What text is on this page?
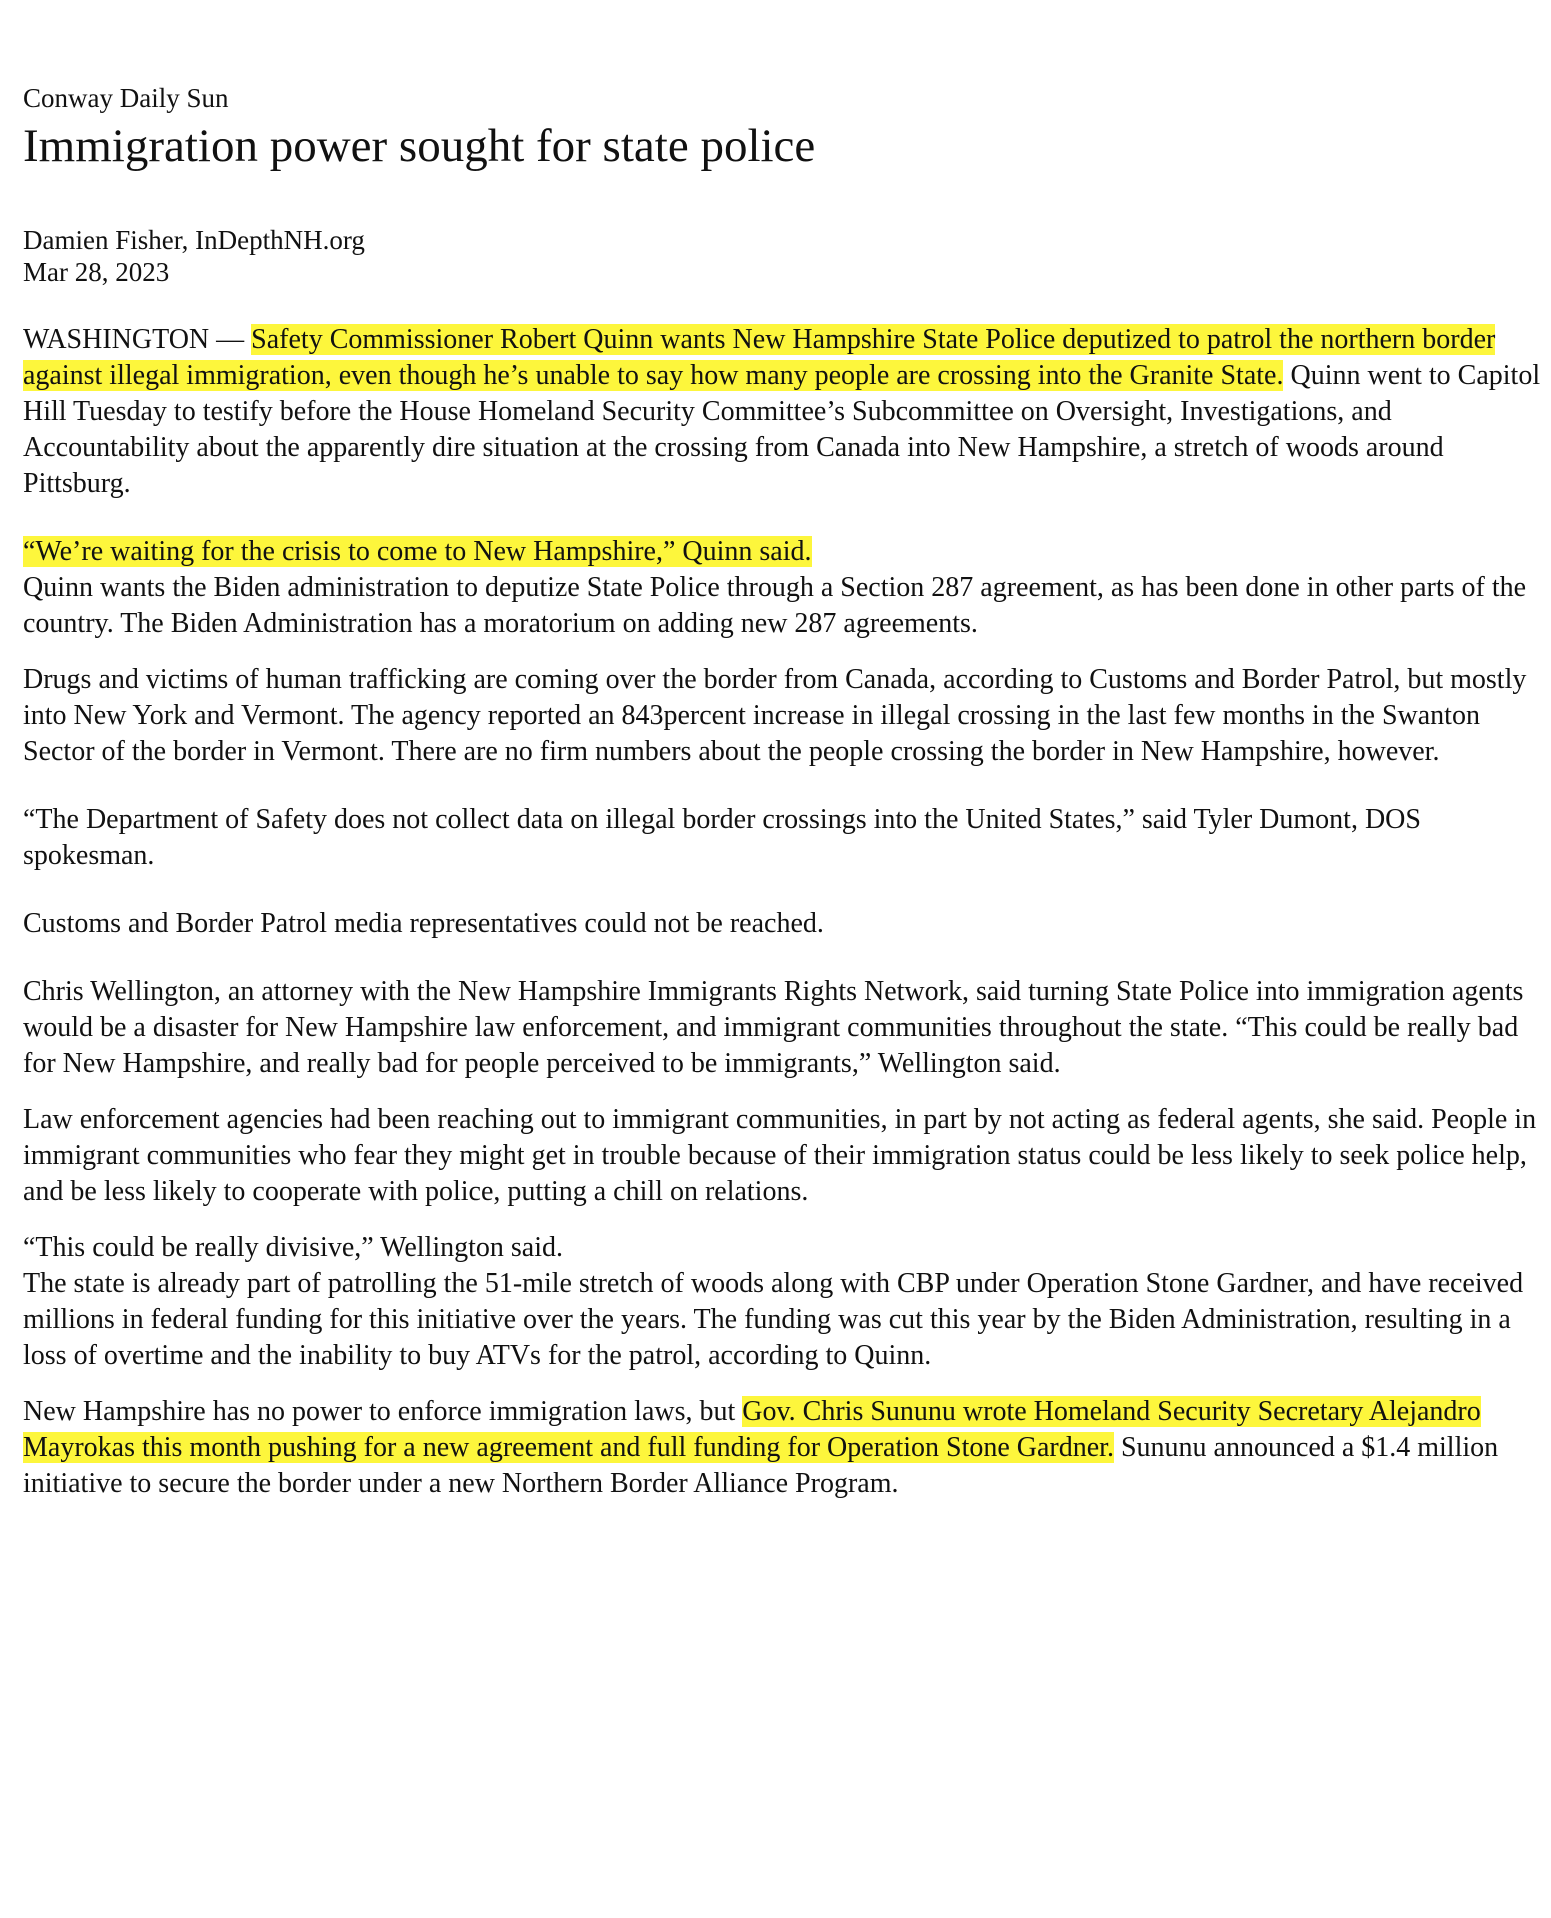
Conway Daily Sun
Immigration power sought for state police
Damien Fisher, InDepthNH.org
Mar 28, 2023

WASHINGTON — Safety Commissioner Robert Quinn wants New Hampshire State Police deputized to patrol the northern border against illegal immigration, even though he’s unable to say how many people are crossing into the Granite State. Quinn went to Capitol Hill Tuesday to testify before the House Homeland Security Committee’s Subcommittee on Oversight, Investigations, and Accountability about the apparently dire situation at the crossing from Canada into New Hampshire, a stretch of woods around Pittsburg.

“We’re waiting for the crisis to come to New Hampshire,” Quinn said.
Quinn wants the Biden administration to deputize State Police through a Section 287 agreement, as has been done in other parts of the country. The Biden Administration has a moratorium on adding new 287 agreements.

Drugs and victims of human trafficking are coming over the border from Canada, according to Customs and Border Patrol, but mostly into New York and Vermont. The agency reported an 843percent increase in illegal crossing in the last few months in the Swanton Sector of the border in Vermont. There are no firm numbers about the people crossing the border in New Hampshire, however.

“The Department of Safety does not collect data on illegal border crossings into the United States,” said Tyler Dumont, DOS spokesman.

Customs and Border Patrol media representatives could not be reached.

Chris Wellington, an attorney with the New Hampshire Immigrants Rights Network, said turning State Police into immigration agents would be a disaster for New Hampshire law enforcement, and immigrant communities throughout the state. “This could be really bad for New Hampshire, and really bad for people perceived to be immigrants,” Wellington said.

Law enforcement agencies had been reaching out to immigrant communities, in part by not acting as federal agents, she said. People in immigrant communities who fear they might get in trouble because of their immigration status could be less likely to seek police help, and be less likely to cooperate with police, putting a chill on relations.

“This could be really divisive,” Wellington said.
The state is already part of patrolling the 51-mile stretch of woods along with CBP under Operation Stone Gardner, and have received millions in federal funding for this initiative over the years. The funding was cut this year by the Biden Administration, resulting in a loss of overtime and the inability to buy ATVs for the patrol, according to Quinn.

New Hampshire has no power to enforce immigration laws, but Gov. Chris Sununu wrote Homeland Security Secretary Alejandro Mayrokas this month pushing for a new agreement and full funding for Operation Stone Gardner. Sununu announced a $1.4 million initiative to secure the border under a new Northern Border Alliance Program.
